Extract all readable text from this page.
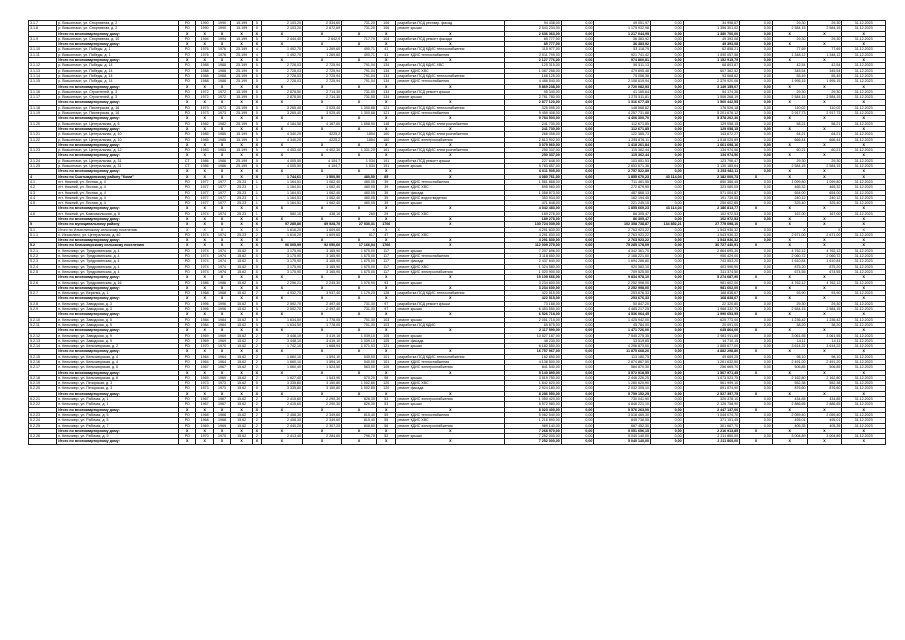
3.1.7	р. Визьонгаон, ул. Спортивная, д. 2	РО	1990	1990	15.199	5	2 103,20	2 534,60	731,20	106	разработка ПСД реставр. фасад	94 438,00	0,00	49 051,97	0,00	34 998,67	0,00	29,30	29,30	31.12.2023
3.1.8	р. Визьонгаон, ул. Спортивная, д. 2	РО	1990	1990	15.199	5	2 103,20	2 672,69	731,20	106	ремонт крыши	2 543 234,00	0,00	1 175 932,98	0,00	1 356 301,02	0,00	2 584,15	2 584,15	31.12.2023
	Итого по многоквартирному дому:	X	X	X	X	X	X	X	X	X	X	2 636 363,00	0,00	1 217 044,95	0,00	1 380 700,00	0,00	X	X	X
3.1.9	р. Визьонгаон, ул. Спортивная, д. 10	РО	1994	1994	15.199	5	2 444,40	2 642,9	717,70	104	разработка ПСД ремонт фасада	85 777,00	0,00	36 383,92	0,00	49 393,08	0,00	29,30	29,30	31.12.2023
	Итого по многоквартирному дому:	X	X	X	X	X	X	X	X	X	X	85 777,00	0,00	36 383,92	0,00	49 393,08	0,00	X	X	X
3.1.10	р. Визьонгаон, ул. Победы, д. 1	РО	1976	1976	25.199	4	1 492,70	1 269,60	490,71	41	разработка ПСД КДИС теплоснабжения	115 977,00	0,00	53 118,79	0,00	62 858,21	0,00	77,69	77,69	31.12.2023
3.1.11	р. Визьонгаон, ул. Победы, д. 1	РО	1976	1976	25.199	4	1 492,70	1 269,60	490,71	41	ремонт КДИС теплоснабжения	2 011 799,00	0,00	921 741,42	0,00	1 090 057,58	0,00	1 348,12	1 348,12	31.12.2023
	Итого по многоквартирному дому:	X	X	X	X	X	X	X	X	X	X	2 127 776,00	0,00	974 860,81	0,00	1 152 915,79	0,00	X	X	X
3.1.12	р. Визьонгаон, ул. Победы, д. 14	РО	1988	1988	25.199	5	2 728,03	2 725,94	791,04	134	разработка ПСД КДИС ХВС	125 315,00	0,00	56 511,13	0,00	68 803,87	0,00	42,54	42,54	31.12.2023
3.1.13	р. Визьонгаон, ул. Победы, д. 14	РО	1988	1988	25.199	5	2 728,03	2 725,94	791,04	134	ремонт КДИС ХВС	1 087 258,00	0,00	479 895,48	0,00	607 362,52	0,00	345,54	345,54	31.12.2023
3.1.14	р. Визьонгаон, ул. Победы, д. 14	РО	1988	1988	25.199	5	2 728,03	2 725,94	791,04	134	разработка ПСД КДИС теплоснабжения	168 125,00	0,00	75 056,38	0,00	93 068,62	0,00	55,49	55,49	31.12.2023
3.1.15	р. Визьонгаон, ул. Победы, д. 14	РО	1988	1988	25.199	5	2 728,03	2 725,94	791,04	134	ремонт КДИС теплоснабжения	4 488 540,00	0,00	2 108 619,94	0,00	2 379 920,06	0,00	1 995,15	1 995,15	31.12.2023
	Итого по многоквартирному дому:	X	X	X	X	X	X	X	X	X	X	5 869 238,00	0,00	2 720 082,93	0,00	3 149 155,07	0,00	X	X	X
3.1.16	р. Визьонгаон, ул. Строителей, д. 3	РО	1972	1972	15.199	5	2 878,50	2 714,30	731,00	134	разработка ПСД ремонт крыши	95 340,00	0,00	41 165,64	0,00	54 174,36	0,00	29,30	29,30	31.12.2023
3.1.17	р. Визьонгаон, ул. Строителей, д. 3	РО	1972	1972	15.199	5	2 878,50	2 714,30	731,00	134	ремонт крыши	2 781 780,00	0,00	1 275 511,81	0,00	1 506 268,19	0,00	2 584,15	2 584,15	31.12.2023
	Итого по многоквартирному дому:	X	X	X	X	X	X	X	X	X	X	2 877 120,00	0,00	1 316 677,45	0,00	1 560 442,55	0,00	X	X	X
3.1.18	р. Визьонгаон, ул. Пионерская, д. 16	РО	1973	1973	25.199	5	3 265,40	3 025,40	1 300,88	121	разработка ПСД КДИС теплоснабжения	325 095,00	0,00	148 568,82	0,00	176 526,18	0,00	110,02	110,02	31.12.2023
3.1.19	р. Визьонгаон, ул. Пионерская, д. 16	РО	1973	1973	25.199	5	3 265,40	3 025,40	1 300,88	121	ремонт КДИС теплоснабжения	9 459 408,00	0,00	4 257 731,88	0,00	5 201 676,12	0,00	2 917,73	2 917,73	31.12.2023
	Итого по многоквартирному дому:	X	X	X	X	X	X	X	X	X	X	9 784 503,00	0,00	4 406 300,70	0,00	5 378 202,30	0,00	X	X	X
3.1.20	р. Визьонгаон, ул. Центральная, д. 6	РО	1982	1982	25.199	5	4 184,50	4 167,60	1 658,90	148	разработка ПСД КДИС электроснабжения	241 730,00	0,00	112 671,85	0,00	129 058,15	0,00	58,21	58,21	31.12.2023
	Итого по многоквартирному дому:	X	X	X	X	X	X	X	X	X	X	241 730,00	0,00	112 671,85	0,00	129 058,15	0,00	X	X	X
3.1.21	р. Визьонгаон, ул. Центральная, д. 10	РО	1985	1985	15.199	5	4 340,20	4225,2	1854	160	разработка ПСД КДИС электроснабжения	266 058,00	0,00	122 385,73	0,00	143 672,27	0,00	64,21	64,21	31.12.2023
3.1.22	р. Визьонгаон, ул. Центральная, д. 10	РО	1985	1985	15.199	5	4 340,20	4225,2	1854	160	ремонт КДИС электроснабжения	2 813 902,00	0,00	1 295 876,11	0,00	1 518 025,89	0,00	666,44	666,44	31.12.2023
	Итого по многоквартирному дому:	X	X	X	X	X	X	X	X	X	X	3 079 960,00	0,00	1 418 261,84	0,00	1 661 698,16	0,00	X	X	X
3.1.23	р. Визьонгаон, ул. Центральная, д. 12	РО	1983	1983	15.199	5	4 453,40	4 402,30	1 331,20	161	разработка ПСД КДИС электроснабжения	250 337,00	0,00	115 362,44	0,00	134 974,56	0,00	60,21	60,21	31.12.2023
	Итого по многоквартирному дому:	X	X	X	X	X	X	X	X	X	X	250 337,00	0,00	115 362,44	0,00	134 974,56	0,00	X	X	X
3.1.24	р. Визьонгаон, ул. Центральная, д. 31	СТ	1986	1986	25.199	5	4 005,50	4 104,7	1 034	191	разработка ПСД ремонт крыши	227 648,00	0,00	103 851,53	0,00	123 796,47	0,00	29,30	29,30	31.12.2023
3.1.25	р. Визьонгаон, ул. Центральная, д. 31	СТ	1986	1986	25.199	5	4 005,50	4 104,7	1 034	191	ремонт крыши	5 783 857,00	0,00	2 653 671,36	0,00	3 130 185,64	0,00	2 584,15	2 584,15	31.12.2023
	Итого по многоквартирному дому:	X	X	X	X	X	X	X	X	X	X	6 011 505,00	0,00	2 757 522,89	0,00	3 253 982,11	0,00	X	X	X
4	Итого по Сыктывдинскому району "Коми"	X	X	X	X	X	1 744,61	1 500,50	480,50	85	X	4 080 761,00	0,00	1 855 670,23	43 114,04	2 182 000,73	X	X	X	X
4.1	пгт. Нижний, ул. Лесная, д. 4	РО	1977	1977	25.23	1	1 164,51	1 062,40	480,05	39	ремонт КДИС теплоснабжения	1 561 868,00	0,00	711 481,55	0,00	850 386,45	0,00	1 099,80	1 099,80	31.12.2023
4.2	пгт. Нижний, ул. Лесная, д. 4	РО	1977	1977	25.23	1	1 164,51	1 062,40	480,05	39	ремонт КДИС ХВС	595 960,00	0,00	272 879,95	0,00	323 080,05	0,00	465,32	465,32	31.12.2023
4.3	пгт. Нижний, ул. Лесная, д. 4	РО	1977	1977	25.23	1	1 164,51	1 062,40	480,05	39	ремонт фасада	1 058 873,00	0,00	487 868,13	0,00	571 004,87	0,00	654,00	654,00	31.12.2023
4.4	пгт. Нижний, ул. Лесная, д. 4	РО	1977	1977	25.23	1	1 164,51	1 062,40	480,05	39	ремонт КДИС водоотведения	353 934,00	0,00	162 194,45	0,00	191 739,55	0,00	240,12	240,12	31.12.2023
4.5	пгт. Нижний, ул. Лесная, д. 4	РО	1977	1977	25.23	1	1 164,51	1 062,40	480,05	39	ремонт крыши	471 848,00	0,00	221 245,15	0,00	250 602,85	0,00	325,40	325,40	31.12.2023
	Итого по многоквартирному дому:	X	X	X	X	X	X	X	X	X	X	4 042 483,00	0,00	1 855 669,23	43 114,04	2 186 813,77	X	X	X	X
4.6	пгт. Нижний, ул. Комсомольская, д. 8	РО	1974	1974	25.23	1	580,10	438,10	260	29	ремонт КДИС ХВС	189 278,00	0,00	86 305,47	0,00	102 972,53	0,00	167,00	167,00	31.12.2023
	Итого по многоквартирному дому:	X	X	X	X	X	X	X	X	X	X	189 278,00	0,00	86 305,47	0,00	102 972,53	0,00	X	X	X
5	Итого по муниципальному району	X	X	X	X	X	97 285,80	89 928,70	27 530,31	1706	X	130 724 039,00	0,00	102 358 738,87	134 852,21	27 779 098,10	X	X	X	X
5.1	Итого по Изъяслинскому сельскому поселению	X	X	X	X	X	1 616,20	1 609,60	X	X	X	4 291 830,00	0,00	2 763 923,22	0,00	1 543 936,32	0,00	X	X	X
5.1.1	с. Изъяслино, ул. Центральная, д. 40	РО	1974	1974	25.23	2	1 616,20	1 609,60	517	47	ремонт КДИС ХВС	4 291 830,00	0,00	2 763 923,22	0,00	1 543 936,32	0,00	2 671,00	2 671,00	31.12.2023
	Итого по многоквартирному дому:	X	X	X	X	X	X	X	X	X	X	4 291 830,00	0,00	2 763 923,22	0,00	1 543 936,32	0,00	X	X	X
5.2	Итого по Кельчиюрскому сельскому поселению	X	X	X	X	X	96 005,99	92 050,60	17 166,04	1766	X	112 009 279,00	0,00	75 285 178,09	0,00	36 727 440,91	X	X	X	X
5.2.1	п. Кельчиюр, ул. Тундровинская, д. 4	РО	1974	1974	15.62	5	3 175,90	3 165,90	1 675,00	117	ремонт крыши	7 207 696,00	0,00	4 342 361,70	0,00	2 864 695,30	0,00	4 762,12	4 762,12	31.12.2023
5.2.2	п. Кельчиюр, ул. Тундровинская, д. 4	РО	1974	1974	15.62	5	3 175,90	3 165,90	1 675,00	117	ремонт КДИС теплоснабжения	3 118 650,00	0,00	2 168 221,00	0,00	950 429,00	0,00	2 060,72	2 060,72	31.12.2023
5.2.3	п. Кельчиюр, ул. Тундровинская, д. 4	РО	1974	1974	15.62	5	3 175,90	3 165,90	1 675,00	117	ремонт фасада	2 437 840,00	0,00	1 694 286,80	0,00	743 553,20	0,00	1 610,84	1 610,84	31.12.2023
5.2.4	п. Кельчиюр, ул. Тундровинская, д. 4	РО	1974	1974	15.62	5	3 175,90	3 165,90	1 675,00	117	ремонт КДИС ХВС	1 324 580,00	0,00	920 583,10	0,00	403 996,90	0,00	875,20	875,20	31.12.2023
5.2.5	п. Кельчиюр, ул. Тундровинская, д. 4	РО	1974	1974	15.62	5	3 175,90	3 165,90	1 675,00	117	ремонт КДИС электроснабжения	1 020 900,00	0,00	709 525,50	0,00	311 374,50	0,00	674,55	674,55	31.12.2023
	Итого по многоквартирному дому:	X	X	X	X	X	X	X	X	X	X	15 109 666,00	0,00	9 834 978,10	0,00	5 274 687,90	X	X	X	X
5.2.6	п. Кельчиюр, ул. Тундровинская, д. 16	РО	1986	1986	15.62	5	2 256,21	2 245,30	1 076,90	93	ремонт крыши	3 234 600,00	0,00	2 252 998,00	0,00	981 602,00	0,00	4 762,12	4 762,12	31.12.2023
	Итого по многоквартирному дому:	X	X	X	X	X	X	X	X	X	X	3 234 600,00	0,00	2 252 998,00	0,00	981 602,00	X	X	X	X
5.2.7	п. Кельчиюр, ул. Верхняя, д. 1	РО	1968	1968	15.62	2	4 932,70	3 937,40	1 179,20	128	разработка ПСД КДИС теплоснабжения	422 515,00	0,00	253 676,33	0,00	168 838,67	0,00	93,90	93,90	31.12.2023
	Итого по многоквартирному дому:	X	X	X	X	X	X	X	X	X	X	422 515,00	0,00	253 676,33	0,00	168 838,67	X	X	X	X
5.2.8	п. Кельчиюр, ул. Заводская, д. 3	РО	1996	1996	15.62	5	2 592,70	2 497,40	731,30	97	разработка ПСД ремонт крыши	73 168,00	0,00	50 847,20	0,00	22 320,80	0,00	29,30	29,30	31.12.2023
5.2.9	п. Кельчиюр, ул. Заводская, д. 3	РО	1996	1996	15.62	5	2 592,70	2 497,40	731,30	97	ремонт крыши	6 453 550,00	0,00	4 485 217,25	0,00	1 968 332,75	0,00	2 584,15	2 584,15	31.12.2023
	Итого по многоквартирному дому:	X	X	X	X	X	X	X	X	X	X	6 526 718,00	0,00	4 536 064,45	0,00	1 990 653,55	X	X	X	X
5.2.10	п. Кельчиюр, ул. Заводская, д. 5	РО	1984	1984	15.62	5	1 634,50	1 778,05	701,30	103	ремонт крыши	2 051 715,00	0,00	1 425 942,00	0,00	625 773,00	0,00	1 236,42	1 236,42	31.12.2023
5.2.11	п. Кельчиюр, ул. Заводская, д. 5	РО	1984	1984	15.62	5	1 634,50	1 778,05	701,30	103	разработка ПСД КДИС	65 875,00	0,00	45 784,00	0,00	20 091,00	0,00	38,20	38,20	31.12.2023
	Итого по многоквартирному дому:	X	X	X	X	X	X	X	X	X	X	2 117 590,00	0,00	1 471 726,00	0,00	645 864,00	X	X	X	X
5.2.12	п. Кельчиюр, ул. Заводская, д. 9	РО	1969	1969	15.62	2	3 448,10	3 419,10	1 039,10	105	ремонт крыши	10 527 187,00	0,00	7 545 275,35	0,00	2 981 911,65	0,00	3 061,55	3 061,55	31.12.2023
5.2.13	п. Кельчиюр, ул. Заводская, д. 9	РО	1969	1969	15.62	2	3 448,10	3 419,10	1 039,10	105	ремонт фасада	48 230,00	0,00	33 519,85	0,00	14 710,15	0,00	14,11	14,11	31.12.2023
5.2.14	п. Кельчиюр, ул. Кельчиюрская, д. 2	РО	1970	1970	15.62	2	1 742,10	1 668,94	1 071,03	121	ремонт крыши	6 182 550,00	0,00	4 296 873,00	0,00	1 885 677,00	0,00	3 614,22	3 614,22	31.12.2023
	Итого по многоквартирному дому:	X	X	X	X	X	X	X	X	X	X	16 757 967,00	0,00	11 875 668,20	0,00	4 882 298,80	X	X	X	X
5.2.15	п. Кельчиюр, ул. Кельчиюрская, д. 4	РО	1964	1964	15.62	2	1 660,10	1 594,10	540,00	101	разработка ПСД КДИС теплоснабжения	162 850,00	0,00	113 180,75	0,00	49 669,25	0,00	98,10	98,10	31.12.2023
5.2.16	п. Кельчиюр, ул. Кельчиюрская, д. 4	РО	1964	1964	15.62	2	1 660,10	1 594,10	540,00	101	ремонт КДИС теплоснабжения	4 136 500,00	0,00	2 874 867,50	0,00	1 261 632,50	0,00	2 491,20	2 491,20	31.12.2023
5.2.17	п. Кельчиюр, ул. Кельчиюрская, д. 6	РО	1967	1967	15.62	2	1 660,40	1 524,50	563,00	105	ремонт КДИС электроснабжения	841 540,00	0,00	584 870,30	0,00	256 669,70	0,00	506,85	506,85	31.12.2023
	Итого по многоквартирному дому:	X	X	X	X	X	X	X	X	X	X	5 140 890,00	0,00	3 572 918,55	0,00	1 567 971,45	X	X	X	X
5.2.18	п. Кельчиюр, ул. Кельчиюрская, д. 8	РО	1969	1969	15.62	2	1 627,40	1 543,90	570,20	98	ремонт крыши	3 519 750,00	0,00	2 446 226,25	0,00	1 073 523,75	0,00	2 162,80	2 162,80	31.12.2023
5.2.19	п. Кельчиюр, ул. Печорская, д. 3	РО	1973	1973	15.62	5	3 335,80	3 150,80	1 002,80	120	ремонт КДИС ХВС	1 842 620,00	0,00	1 280 620,90	0,00	561 999,10	0,00	552,38	552,38	31.12.2023
5.2.20	п. Кельчиюр, ул. Печорская, д. 3	РО	1973	1973	15.62	5	3 335,80	3 150,80	1 002,80	120	ремонт фасада	2 924 180,00	0,00	2 032 305,10	0,00	891 874,90	0,00	876,60	876,60	31.12.2023
	Итого по многоквартирному дому:	X	X	X	X	X	X	X	X	X	X	8 286 550,00	0,00	5 759 152,25	0,00	2 527 397,75	X	X	X	X
5.2.21	п. Кельчиюр, ул. Рабочая, д. 1	РО	1967	1967	15.62	2	2 415,60	2 290,30	826,30	53	ремонт КДИС электроснабжения	1 050 420,00	0,00	730 041,90	0,00	320 378,10	0,00	434,85	434,85	31.12.2023
5.2.22	п. Кельчиюр, ул. Рабочая, д. 1	РО	1967	1967	15.62	2	2 415,60	2 290,30	826,30	53	ремонт крыши	6 972 980,00	0,00	4 846 221,10	0,00	2 126 758,90	0,00	2 886,65	2 886,65	31.12.2023
	Итого по многоквартирному дому:	X	X	X	X	X	X	X	X	X	X	8 023 400,00	0,00	5 576 263,00	0,00	2 447 137,00	X	X	X	X
5.2.23	п. Кельчиюр, ул. Рабочая, д. 5	РО	1968	1968	15.62	2	2 458,30	2 349,60	815,40	55	ремонт КДИС теплоснабжения	5 062 540,00	0,00	3 518 465,30	0,00	1 544 074,70	0,00	2 059,40	2 059,40	31.12.2023
5.2.24	п. Кельчиюр, ул. Рабочая, д. 5	РО	1968	1968	15.62	2	2 458,30	2 349,60	815,40	55	ремонт КДИС ХВС	1 216 890,00	0,00	845 738,55	0,00	371 151,45	0,00	495,01	495,01	31.12.2023
5.2.25	п. Кельчиюр, ул. Рабочая, д. 7	РО	1969	1969	15.62	2	2 440,20	2 307,20	808,80	56	ремонт КДИС электроснабжения	989 140,00	0,00	687 452,30	0,00	301 687,70	0,00	405,35	405,35	31.12.2023
	Итого по многоквартирному дому:	X	X	X	X	X	X	X	X	X	X	7 268 570,00	0,00	5 051 656,15	0,00	2 216 913,85	X	X	X	X
5.2.26	п. Кельчиюр, ул. Рабочая, д. 9	РО	1970	1970	15.62	2	2 413,40	2 284,60	796,70	52	ремонт крыши	7 252 000,00	0,00	5 040 140,00	0,00	2 211 860,00	0,00	3 004,89	3 004,89	31.12.2023
	Итого по многоквартирному дому:	X	X	X	X	X	X	X	X	X	X	7 252 000,00	0,00	5 040 140,00	0,00	2 211 860,00	X	X	X	X
